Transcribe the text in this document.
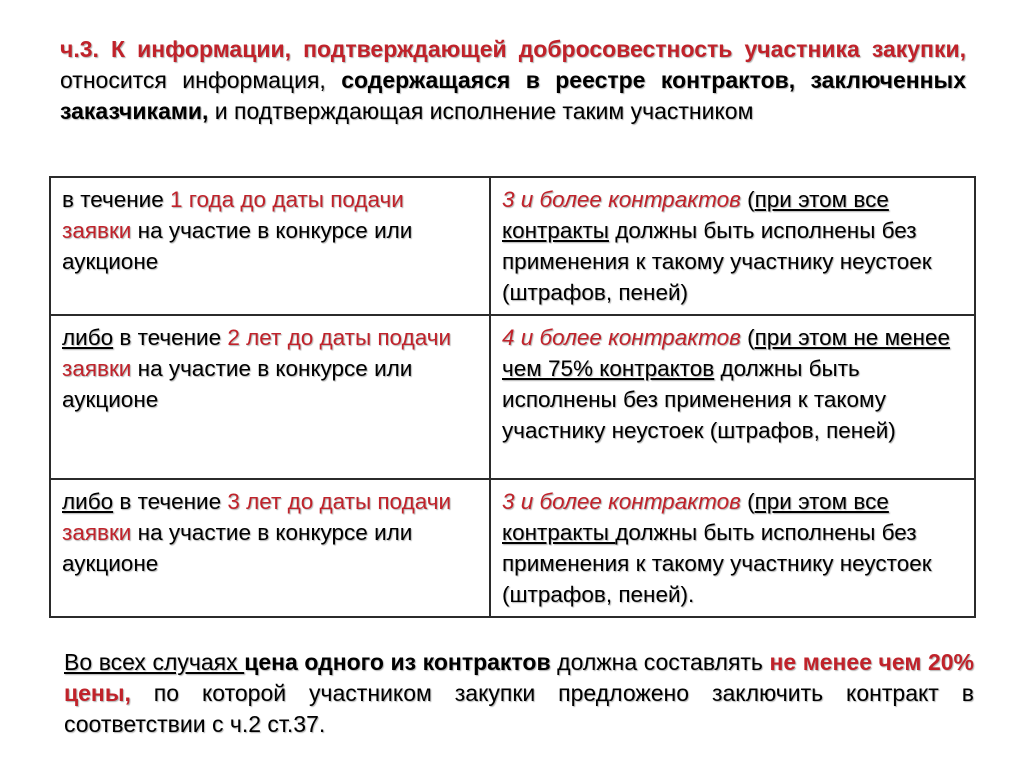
ч.3. К информации, подтверждающей добросовестность участника закупки, относится информация, содержащаяся в реестре контрактов, заключенных заказчиками, и подтверждающая исполнение таким участником
в течение 1 года до даты подачи заявки на участие в конкурсе или аукционе	3 и более контрактов (при этом все контракты должны быть исполнены без применения к такому участнику неустоек (штрафов, пеней)
либо в течение 2 лет до даты подачи заявки на участие в конкурсе или аукционе	4 и более контрактов (при этом не менее чем 75% контрактов должны быть исполнены без применения к такому участнику неустоек (штрафов, пеней)
либо в течение 3 лет до даты подачи заявки на участие в конкурсе или аукционе	3 и более контрактов (при этом все контракты должны быть исполнены без применения к такому участнику неустоек (штрафов, пеней).
Во всех случаях цена одного из контрактов должна составлять не менее чем 20% цены, по которой участником закупки предложено заключить контракт в соответствии с ч.2 ст.37.
